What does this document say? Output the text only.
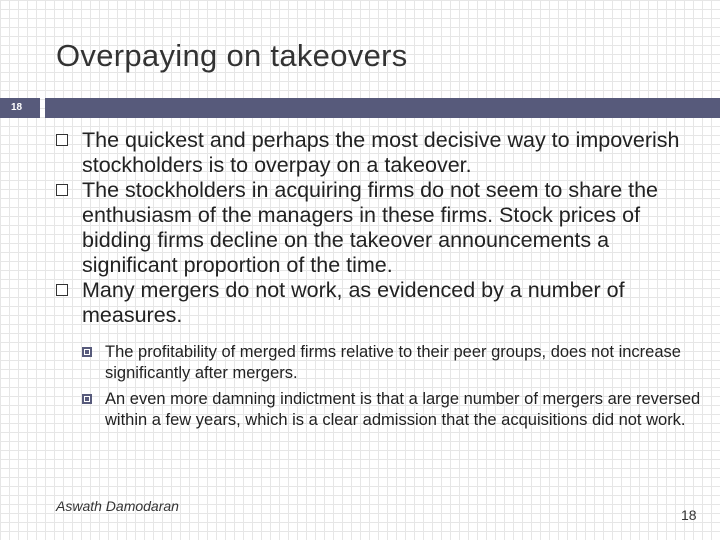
Overpaying on takeovers
18
The quickest and perhaps the most decisive way to impoverish stockholders is to overpay on a takeover.
The stockholders in acquiring firms do not seem to share the enthusiasm of the managers in these firms. Stock prices of bidding firms decline on the takeover announcements a significant proportion of the time.
Many mergers do not work, as evidenced by a number of measures.
The profitability of merged firms relative to their peer groups, does not increase significantly after mergers.
An even more damning indictment is that a large number of mergers are reversed within a few years, which is a clear admission that the acquisitions did not work.
Aswath Damodaran
18
